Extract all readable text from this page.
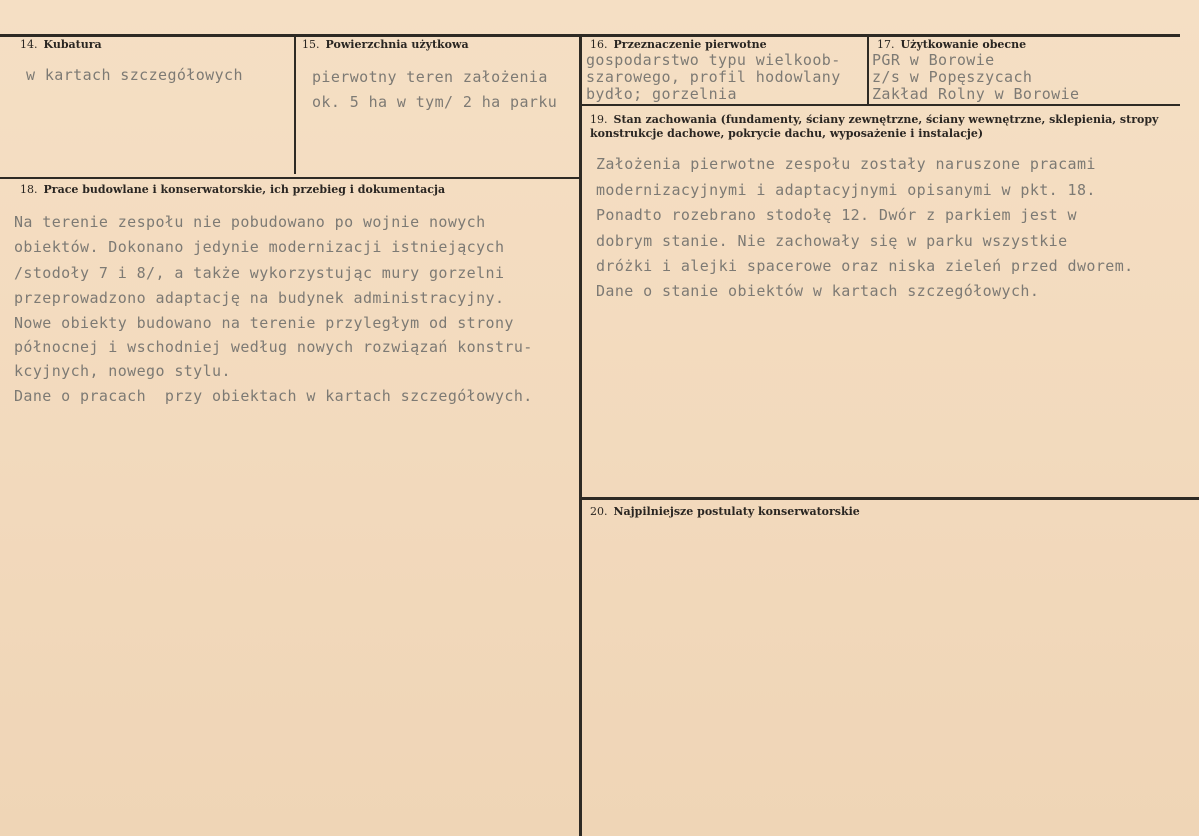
14. Kubatura
w kartach szczegółowych
15. Powierzchnia użytkowa
pierwotny teren założenia
ok. 5 ha w tym/ 2 ha parku
16. Przeznaczenie pierwotne
gospodarstwo typu wielkoob-
szarowego, profil hodowlany
bydło; gorzelnia
17. Użytkowanie obecne
PGR w Borowie
z/s w Popęszycach
Zakład Rolny w Borowie
19. Stan zachowania (fundamenty, ściany zewnętrzne, ściany wewnętrzne, sklepienia, stropy konstrukcje dachowe, pokrycie dachu, wyposażenie i instalacje)
Założenia pierwotne zespołu zostały naruszone pracami
modernizacyjnymi i adaptacyjnymi opisanymi w pkt. 18.
Ponadto rozebrano stodołę 12. Dwór z parkiem jest w
dobrym stanie. Nie zachowały się w parku wszystkie
dróżki i alejki spacerowe oraz niska zieleń przed dworem.
Dane o stanie obiektów w kartach szczegółowych.
18. Prace budowlane i konserwatorskie, ich przebieg i dokumentacja
Na terenie zespołu nie pobudowano po wojnie nowych
obiektów. Dokonano jedynie modernizacji istniejących
/stodoły 7 i 8/, a także wykorzystując mury gorzelni
przeprowadzono adaptację na budynek administracyjny.
Nowe obiekty budowano na terenie przyległym od strony
północnej i wschodniej według nowych rozwiązań konstru-
kcyjnych, nowego stylu.
Dane o pracach  przy obiektach w kartach szczegółowych.
20. Najpilniejsze postulaty konserwatorskie
